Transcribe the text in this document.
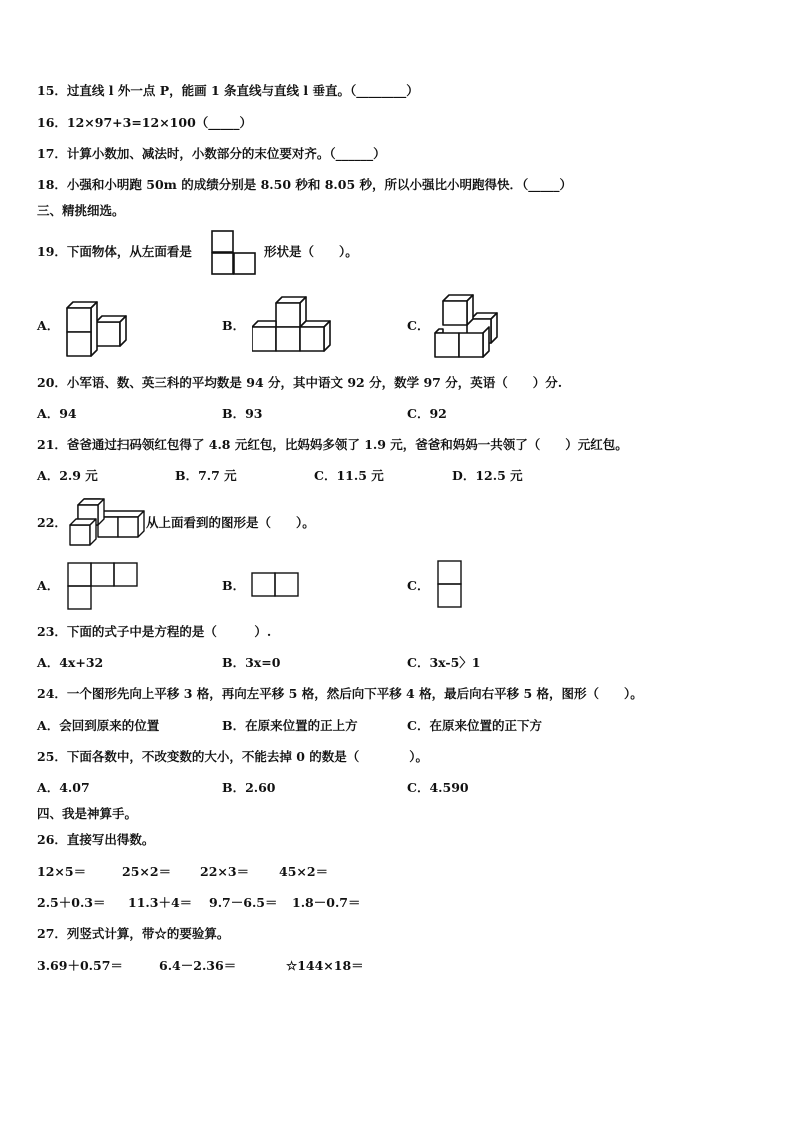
15．过直线 l 外一点 P，能画 1 条直线与直线 l 垂直。（________）
16．12×97+3=12×100（_____）
17．计算小数加、减法时，小数部分的末位要对齐。（______）
18．小强和小明跑 50m 的成绩分别是 8.50 秒和 8.05 秒，所以小强比小明跑得快．（_____）
三、精挑细选。
19．下面物体，从左面看是	形状是（　　）。
A．	B．	C．
20．小军语、数、英三科的平均数是 94 分，其中语文 92 分，数学 97 分，英语（　　）分.
A．94	B．93	C．92
21．爸爸通过扫码领红包得了 4.8 元红包，比妈妈多领了 1.9 元，爸爸和妈妈一共领了（　　）元红包。
A．2.9 元	B．7.7 元	C．11.5 元	D．12.5 元
22．	从上面看到的图形是（　　）。
A．	B．	C．
23．下面的式子中是方程的是（　　　）.
A．4x+32	B．3x=0	C．3x-5〉1
24．一个图形先向上平移 3 格，再向左平移 5 格，然后向下平移 4 格，最后向右平移 5 格，图形（　　）。
A．会回到原来的位置	B．在原来位置的正上方	C．在原来位置的正下方
25．下面各数中，不改变数的大小，不能去掉 0 的数是（　　　　）。
A．4.07	B．2.60	C．4.590
四、我是神算手。
26．直接写出得数。
12×5＝	25×2＝ 22×3＝ 45×2＝
2.5＋0.3＝ 11.3＋4＝ 9.7－6.5＝ 1.8－0.7＝
27．列竖式计算，带☆的要验算。
3.69＋0.57＝	6.4－2.36＝	☆144×18＝
